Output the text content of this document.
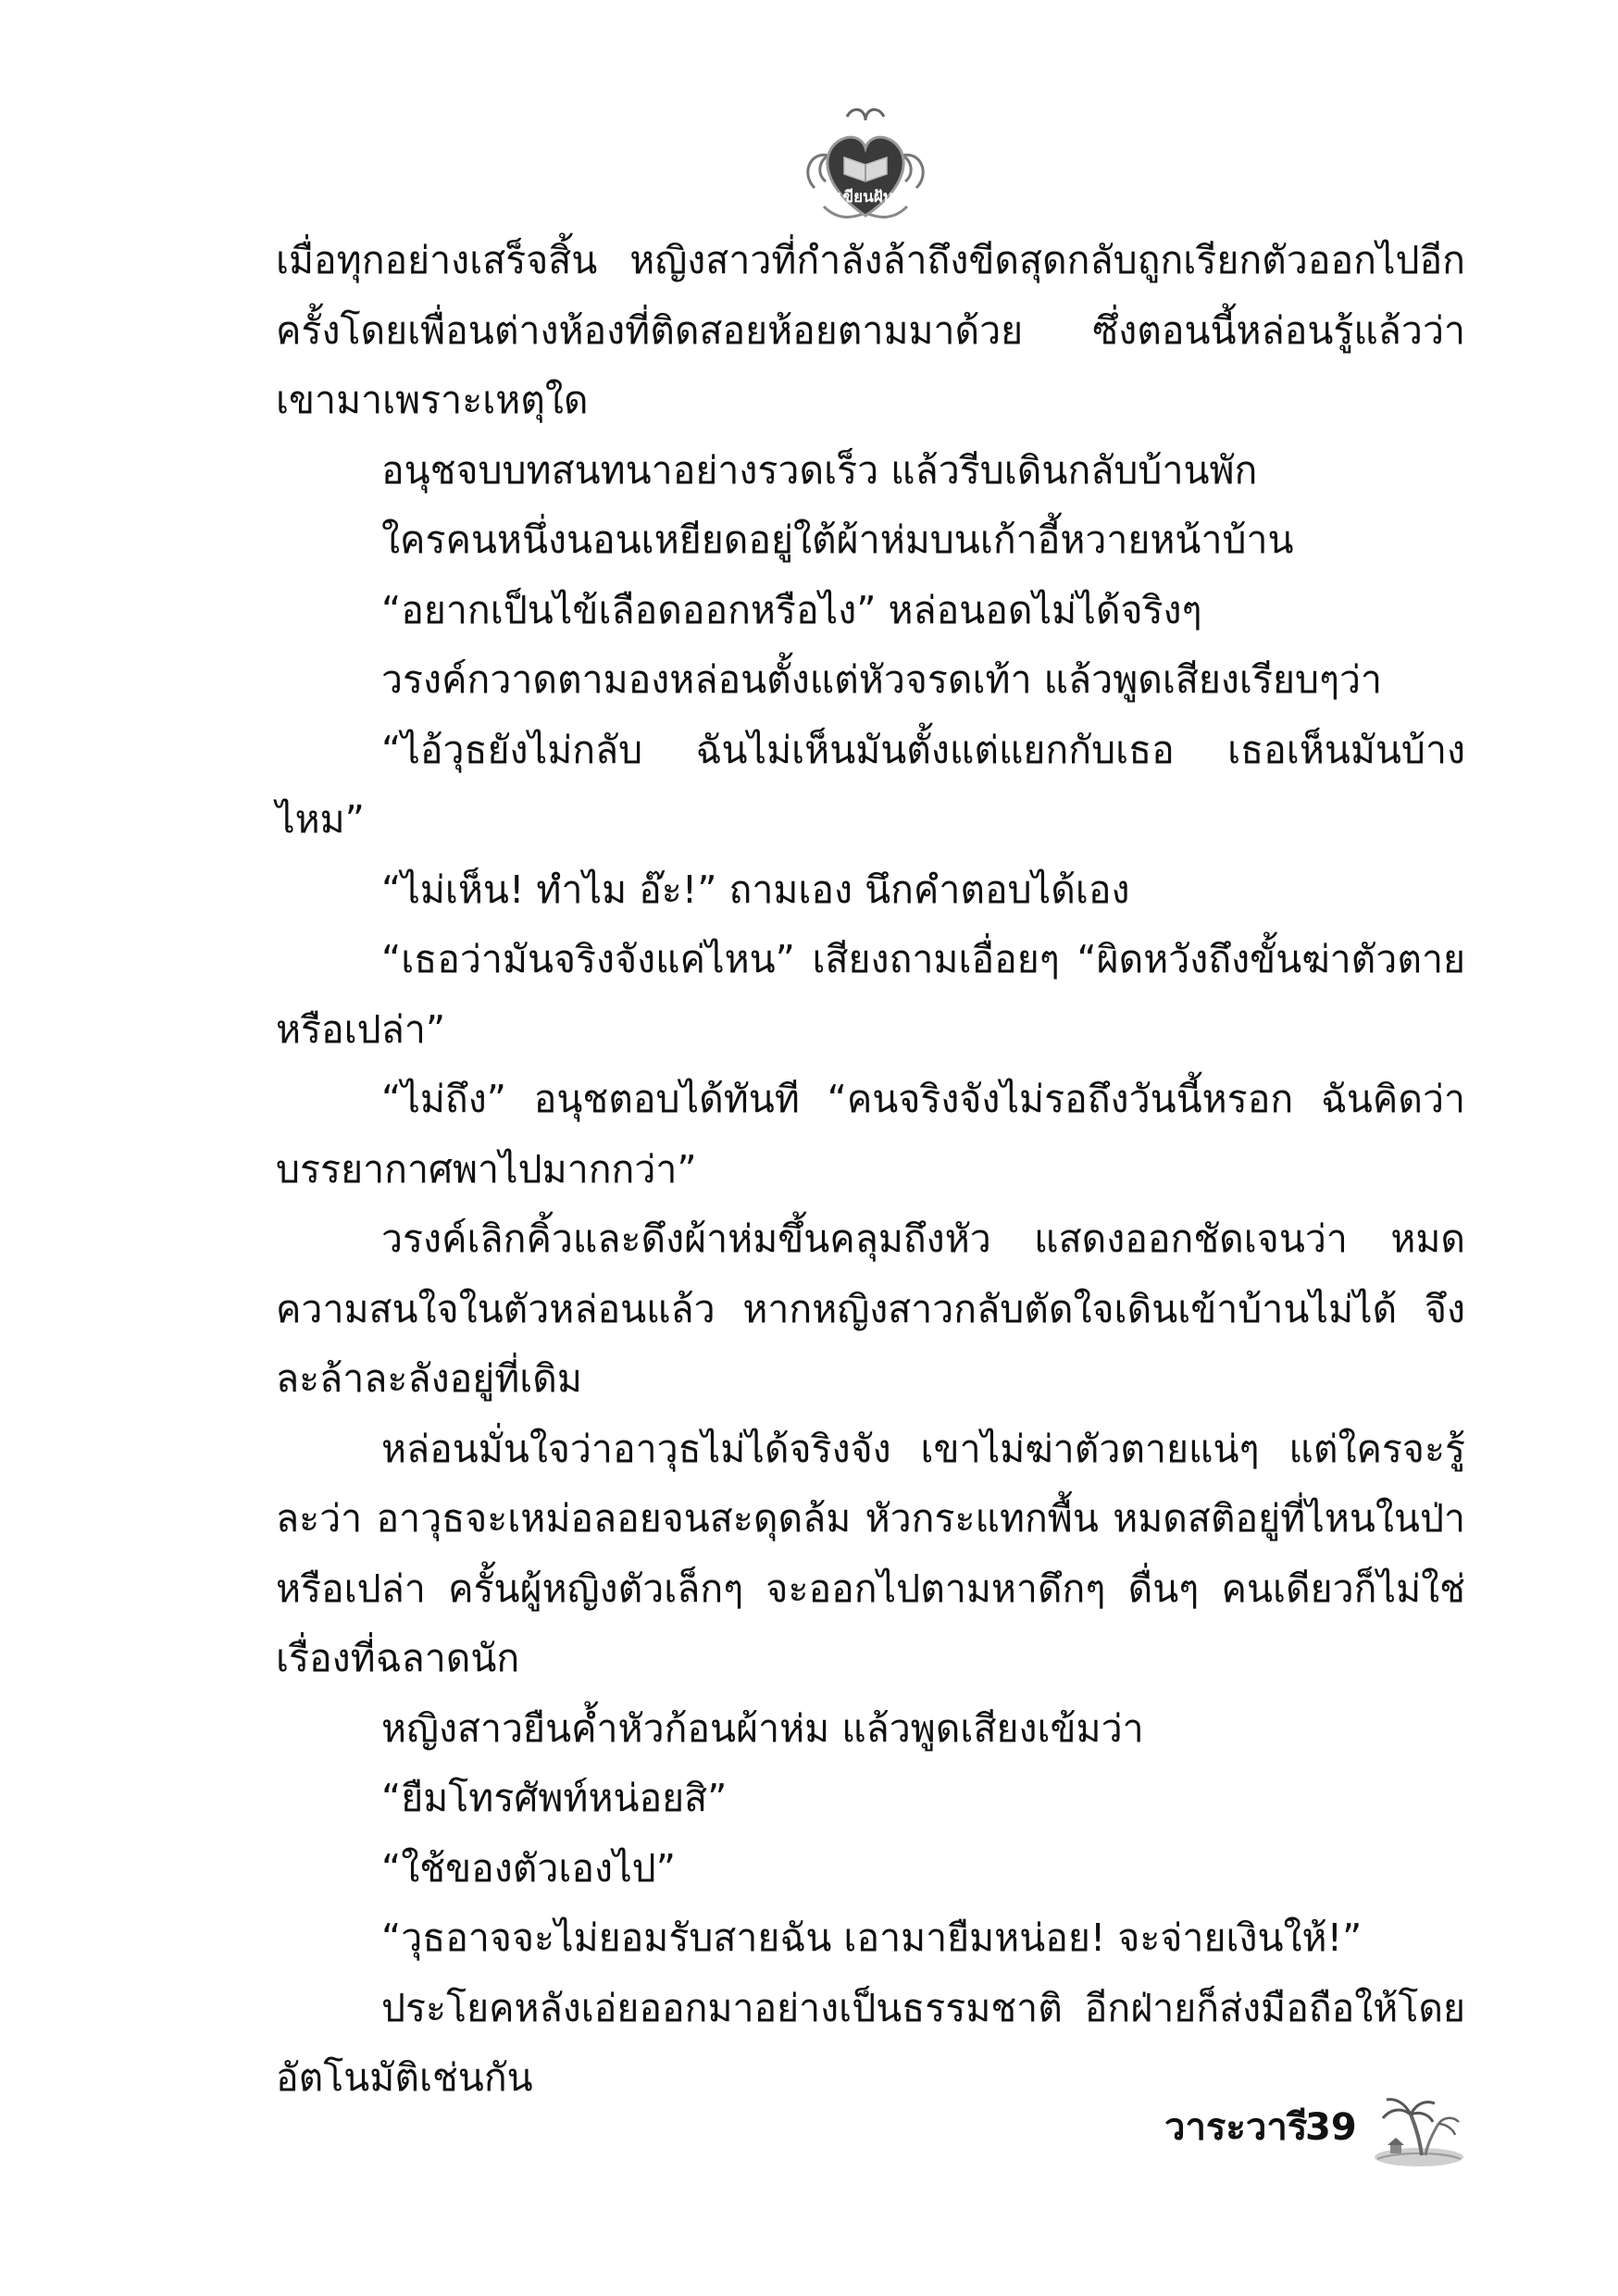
เขียนฝัน

เมื่อทุกอย่างเสร็จสิ้น หญิงสาวที่กำลังล้าถึงขีดสุดกลับถูกเรียกตัวออกไปอีกครั้งโดยเพื่อนต่างห้องที่ติดสอยห้อยตามมาด้วย ซึ่งตอนนี้หล่อนรู้แล้วว่าเขามาเพราะเหตุใด

อนุชจบบทสนทนาอย่างรวดเร็ว แล้วรีบเดินกลับบ้านพัก

ใครคนหนึ่งนอนเหยียดอยู่ใต้ผ้าห่มบนเก้าอี้หวายหน้าบ้าน

“อยากเป็นไข้เลือดออกหรือไง” หล่อนอดไม่ได้จริงๆ

วรงค์กวาดตามองหล่อนตั้งแต่หัวจรดเท้า แล้วพูดเสียงเรียบๆว่า

“ไอ้วุธยังไม่กลับ ฉันไม่เห็นมันตั้งแต่แยกกับเธอ เธอเห็นมันบ้างไหม”

“ไม่เห็น! ทำไม อ๊ะ!” ถามเอง นึกคำตอบได้เอง

“เธอว่ามันจริงจังแค่ไหน” เสียงถามเอื่อยๆ “ผิดหวังถึงขั้นฆ่าตัวตายหรือเปล่า”

“ไม่ถึง” อนุชตอบได้ทันที “คนจริงจังไม่รอถึงวันนี้หรอก ฉันคิดว่าบรรยากาศพาไปมากกว่า”

วรงค์เลิกคิ้วและดึงผ้าห่มขึ้นคลุมถึงหัว แสดงออกชัดเจนว่า หมดความสนใจในตัวหล่อนแล้ว หากหญิงสาวกลับตัดใจเดินเข้าบ้านไม่ได้ จึงละล้าละลังอยู่ที่เดิม

หล่อนมั่นใจว่าอาวุธไม่ได้จริงจัง เขาไม่ฆ่าตัวตายแน่ๆ แต่ใครจะรู้ละว่า อาวุธจะเหม่อลอยจนสะดุดล้ม หัวกระแทกพื้น หมดสติอยู่ที่ไหนในป่าหรือเปล่า ครั้นผู้หญิงตัวเล็กๆ จะออกไปตามหาดึกๆ ดื่นๆ คนเดียวก็ไม่ใช่เรื่องที่ฉลาดนัก

หญิงสาวยืนค้ำหัวก้อนผ้าห่ม แล้วพูดเสียงเข้มว่า

“ยืมโทรศัพท์หน่อยสิ”

“ใช้ของตัวเองไป”

“วุธอาจจะไม่ยอมรับสายฉัน เอามายืมหน่อย! จะจ่ายเงินให้!”

ประโยคหลังเอ่ยออกมาอย่างเป็นธรรมชาติ อีกฝ่ายก็ส่งมือถือให้โดยอัตโนมัติเช่นกัน

วาระวารี
39
